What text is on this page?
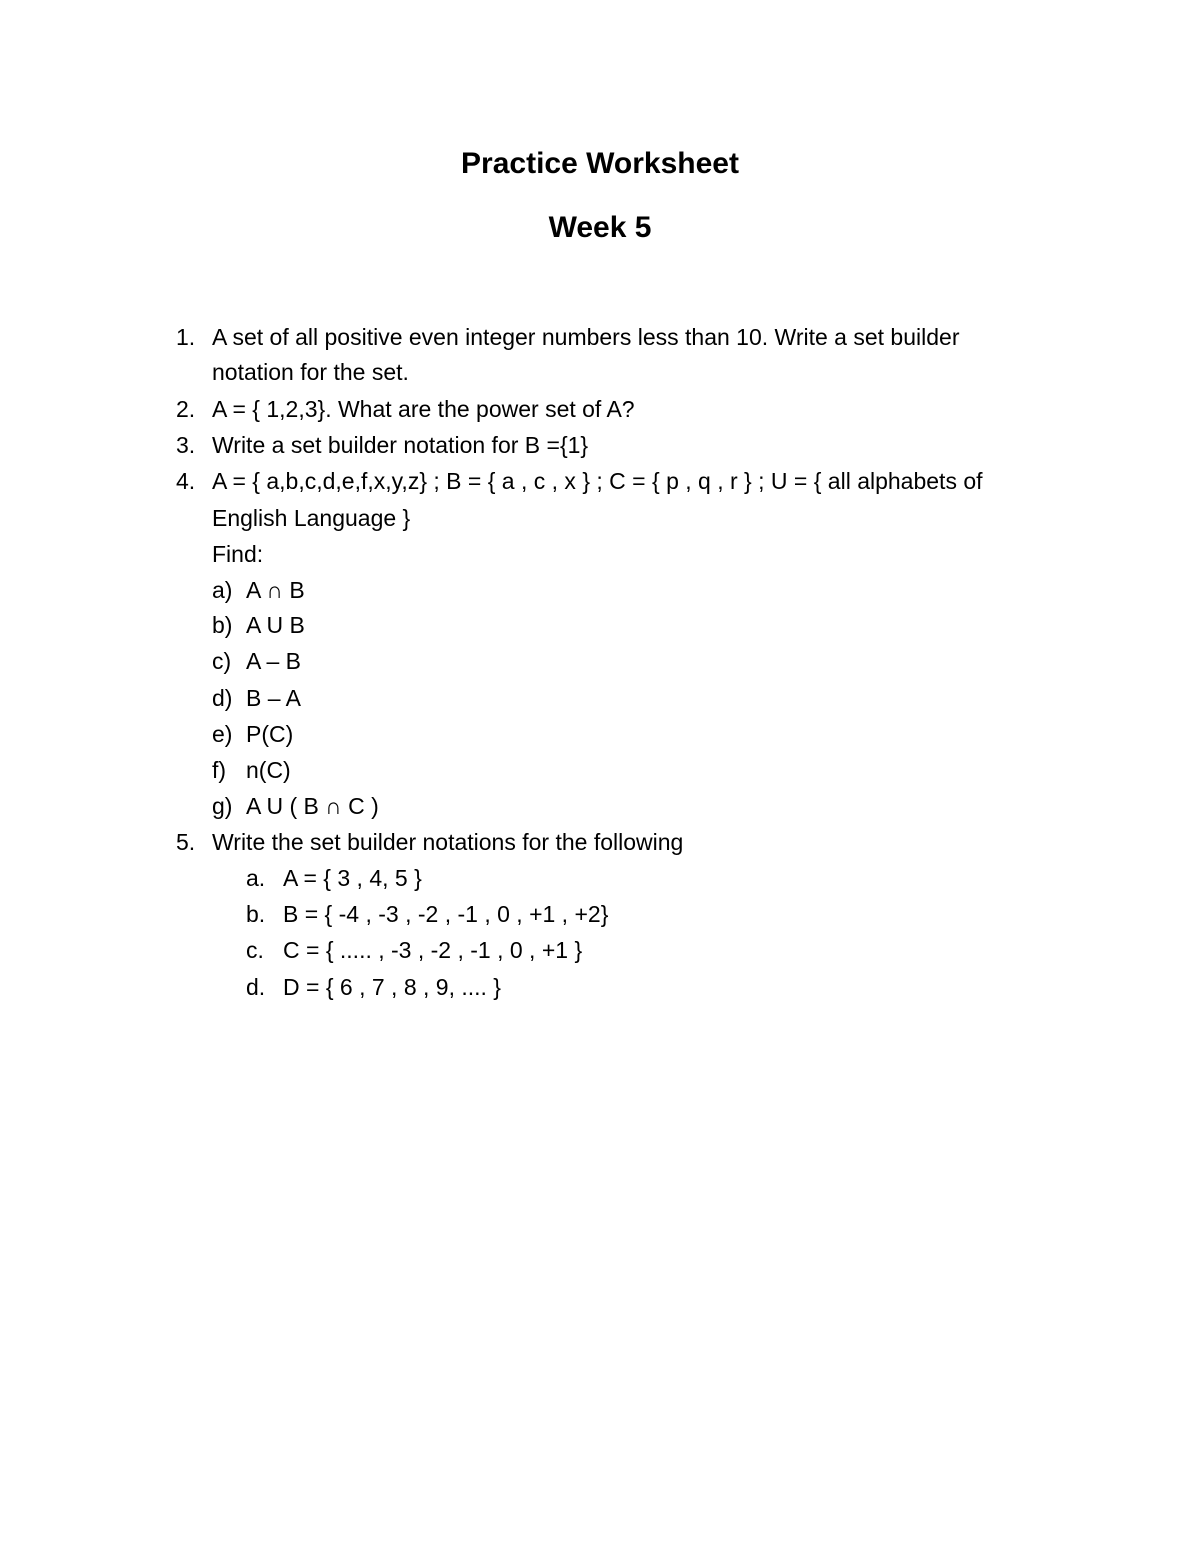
Practice Worksheet
Week 5
1. A set of all positive even integer numbers less than 10. Write a set builder
notation for the set.
2. A = { 1,2,3}. What are the power set of A?
3. Write a set builder notation for B ={1}
4. A = { a,b,c,d,e,f,x,y,z} ; B = { a , c , x } ; C = { p , q , r } ; U = { all alphabets of
English Language }
Find:
a) A ∩ B
b) A U B
c) A – B
d) B – A
e) P(C)
f) n(C)
g) A U ( B ∩ C )
5. Write the set builder notations for the following
a. A = { 3 , 4, 5 }
b. B = { -4 , -3 , -2 , -1 , 0 , +1 , +2}
c. C = { ..... , -3 , -2 , -1 , 0 , +1 }
d. D = { 6 , 7 , 8 , 9, .... }
